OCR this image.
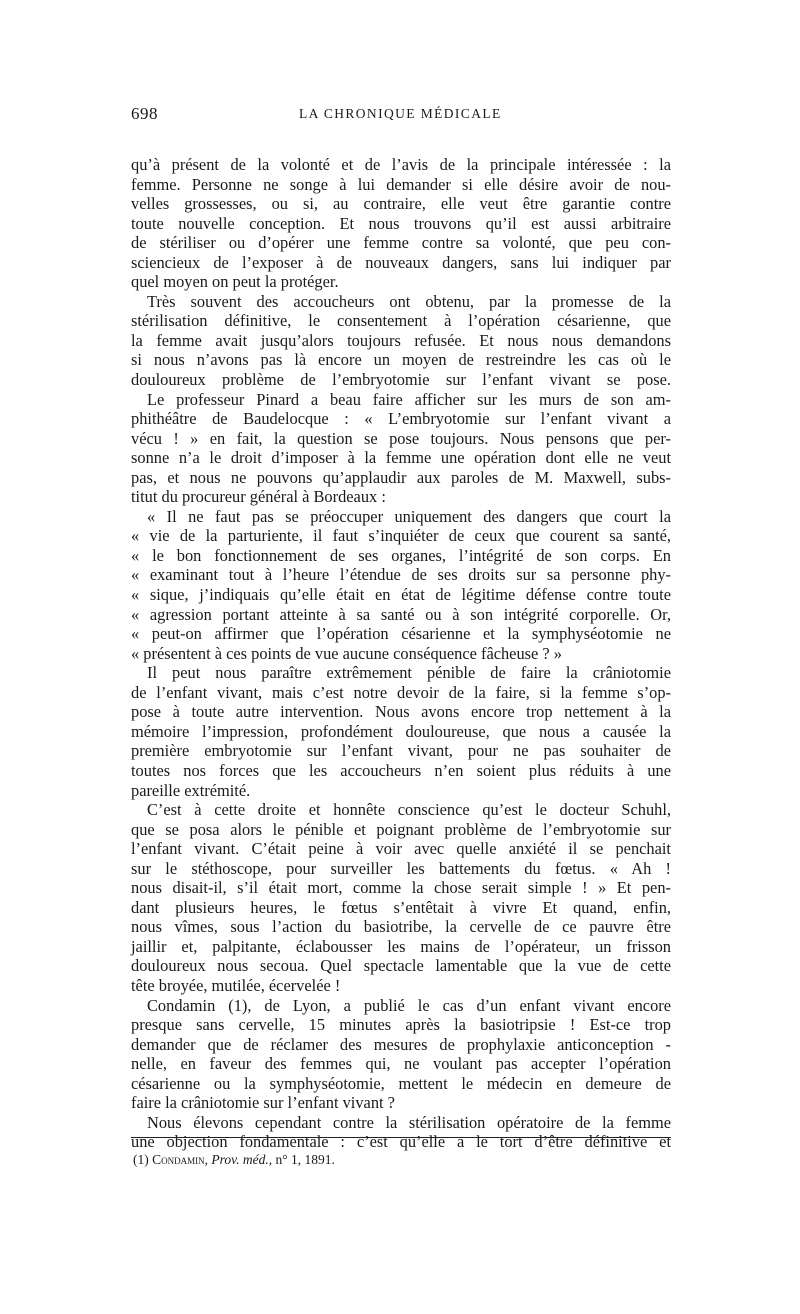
698	LA CHRONIQUE MÉDICALE
qu’à présent de la volonté et de l’avis de la principale intéressée : la
femme. Personne ne songe à lui demander si elle désire avoir de nou-
velles grossesses, ou si, au contraire, elle veut être garantie contre
toute nouvelle conception. Et nous trouvons qu’il est aussi arbitraire
de stériliser ou d’opérer une femme contre sa volonté, que peu con-
sciencieux de l’exposer à de nouveaux dangers, sans lui indiquer par
quel moyen on peut la protéger.
Très souvent des accoucheurs ont obtenu, par la promesse de la
stérilisation définitive, le consentement à l’opération césarienne, que
la femme avait jusqu’alors toujours refusée. Et nous nous demandons
si nous n’avons pas là encore un moyen de restreindre les cas où le
douloureux problème de l’embryotomie sur l’enfant vivant se pose.
Le professeur Pinard a beau faire afficher sur les murs de son am-
phithéâtre de Baudelocque : « L’embryotomie sur l’enfant vivant a
vécu ! » en fait, la question se pose toujours. Nous pensons que per-
sonne n’a le droit d’imposer à la femme une opération dont elle ne veut
pas, et nous ne pouvons qu’applaudir aux paroles de M. Maxwell, subs-
titut du procureur général à Bordeaux :
« Il ne faut pas se préoccuper uniquement des dangers que court la
« vie de la parturiente, il faut s’inquiéter de ceux que courent sa santé,
« le bon fonctionnement de ses organes, l’intégrité de son corps. En
« examinant tout à l’heure l’étendue de ses droits sur sa personne phy-
« sique, j’indiquais qu’elle était en état de légitime défense contre toute
« agression portant atteinte à sa santé ou à son intégrité corporelle. Or,
« peut-on affirmer que l’opération césarienne et la symphyséotomie ne
« présentent à ces points de vue aucune conséquence fâcheuse ? »
Il peut nous paraître extrêmement pénible de faire la crâniotomie
de l’enfant vivant, mais c’est notre devoir de la faire, si la femme s’op-
pose à toute autre intervention. Nous avons encore trop nettement à la
mémoire l’impression, profondément douloureuse, que nous a causée la
première embryotomie sur l’enfant vivant, pour ne pas souhaiter de
toutes nos forces que les accoucheurs n’en soient plus réduits à une
pareille extrémité.
C’est à cette droite et honnête conscience qu’est le docteur Schuhl,
que se posa alors le pénible et poignant problème de l’embryotomie sur
l’enfant vivant. C’était peine à voir avec quelle anxiété il se penchait
sur le stéthoscope, pour surveiller les battements du fœtus. « Ah !
nous disait-il, s’il était mort, comme la chose serait simple ! » Et pen-
dant plusieurs heures, le fœtus s’entêtait à vivre Et quand, enfin,
nous vîmes, sous l’action du basiotribe, la cervelle de ce pauvre être
jaillir et, palpitante, éclabousser les mains de l’opérateur, un frisson
douloureux nous secoua. Quel spectacle lamentable que la vue de cette
tête broyée, mutilée, écervelée !
Condamin (1), de Lyon, a publié le cas d’un enfant vivant encore
presque sans cervelle, 15 minutes après la basiotripsie ! Est-ce trop
demander que de réclamer des mesures de prophylaxie anticonception -
nelle, en faveur des femmes qui, ne voulant pas accepter l’opération
césarienne ou la symphyséotomie, mettent le médecin en demeure de
faire la crâniotomie sur l’enfant vivant ?
Nous élevons cependant contre la stérilisation opératoire de la femme
une objection fondamentale : c’est qu’elle a le tort d’être définitive et
(1) Condamin, Prov. méd., n° 1, 1891.
